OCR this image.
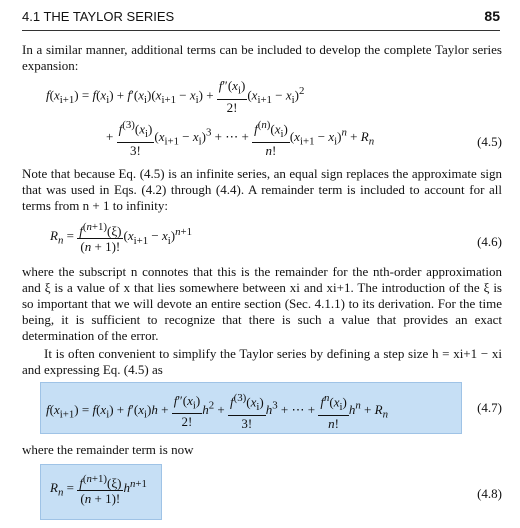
4.1 THE TAYLOR SERIES	85
In a similar manner, additional terms can be included to develop the complete Taylor series expansion:
$f(x_{i+1}) = f(x_i) + f'(x_i)(x_{i+1} - x_i) + \frac{f''(x_i)}{2!} (x_{i+1} - x_i)^2$
+ $\frac{f^{(3)}(x_i)}{3!} (x_{i+1} - x_i)^3$ + ⋯ + $\frac{f^{(n)}(x_i)}{n!} (x_{i+1} - x_i)^n + R_n$	(4.5)
Note that because Eq. (4.5) is an infinite series, an equal sign replaces the approximate sign that was used in Eqs. (4.2) through (4.4). A remainder term is included to account for all terms from n + 1 to infinity:
$R_n = \frac{f^{(n+1)}(\xi)}{(n + 1)!} (x_{i+1} - x_i)^{n+1}$
(4.6)
where the subscript n connotes that this is the remainder for the nth-order approximation and ξ is a value of x that lies somewhere between xi and xi+1. The introduction of the ξ is so important that we will devote an entire section (Sec. 4.1.1) to its derivation. For the time being, it is sufficient to recognize that there is such a value that provides an exact determination of the error.
It is often convenient to simplify the Taylor series by defining a step size h = xi+1 − xi and expressing Eq. (4.5) as
$f(x_{i+1}) = f(x_i) + f'(x_i)h + \frac{f''(x_i)}{2!} h^2 + \frac{f^{(3)}(x_i)}{3!} h^3$ + ⋯ + $\frac{f^n(x_i)}{n!} h^n + R_n$	(4.7)
where the remainder term is now
$R_n = \frac{f^{(n+1)}(\xi)}{(n + 1)!} h^{n+1}$
(4.8)
